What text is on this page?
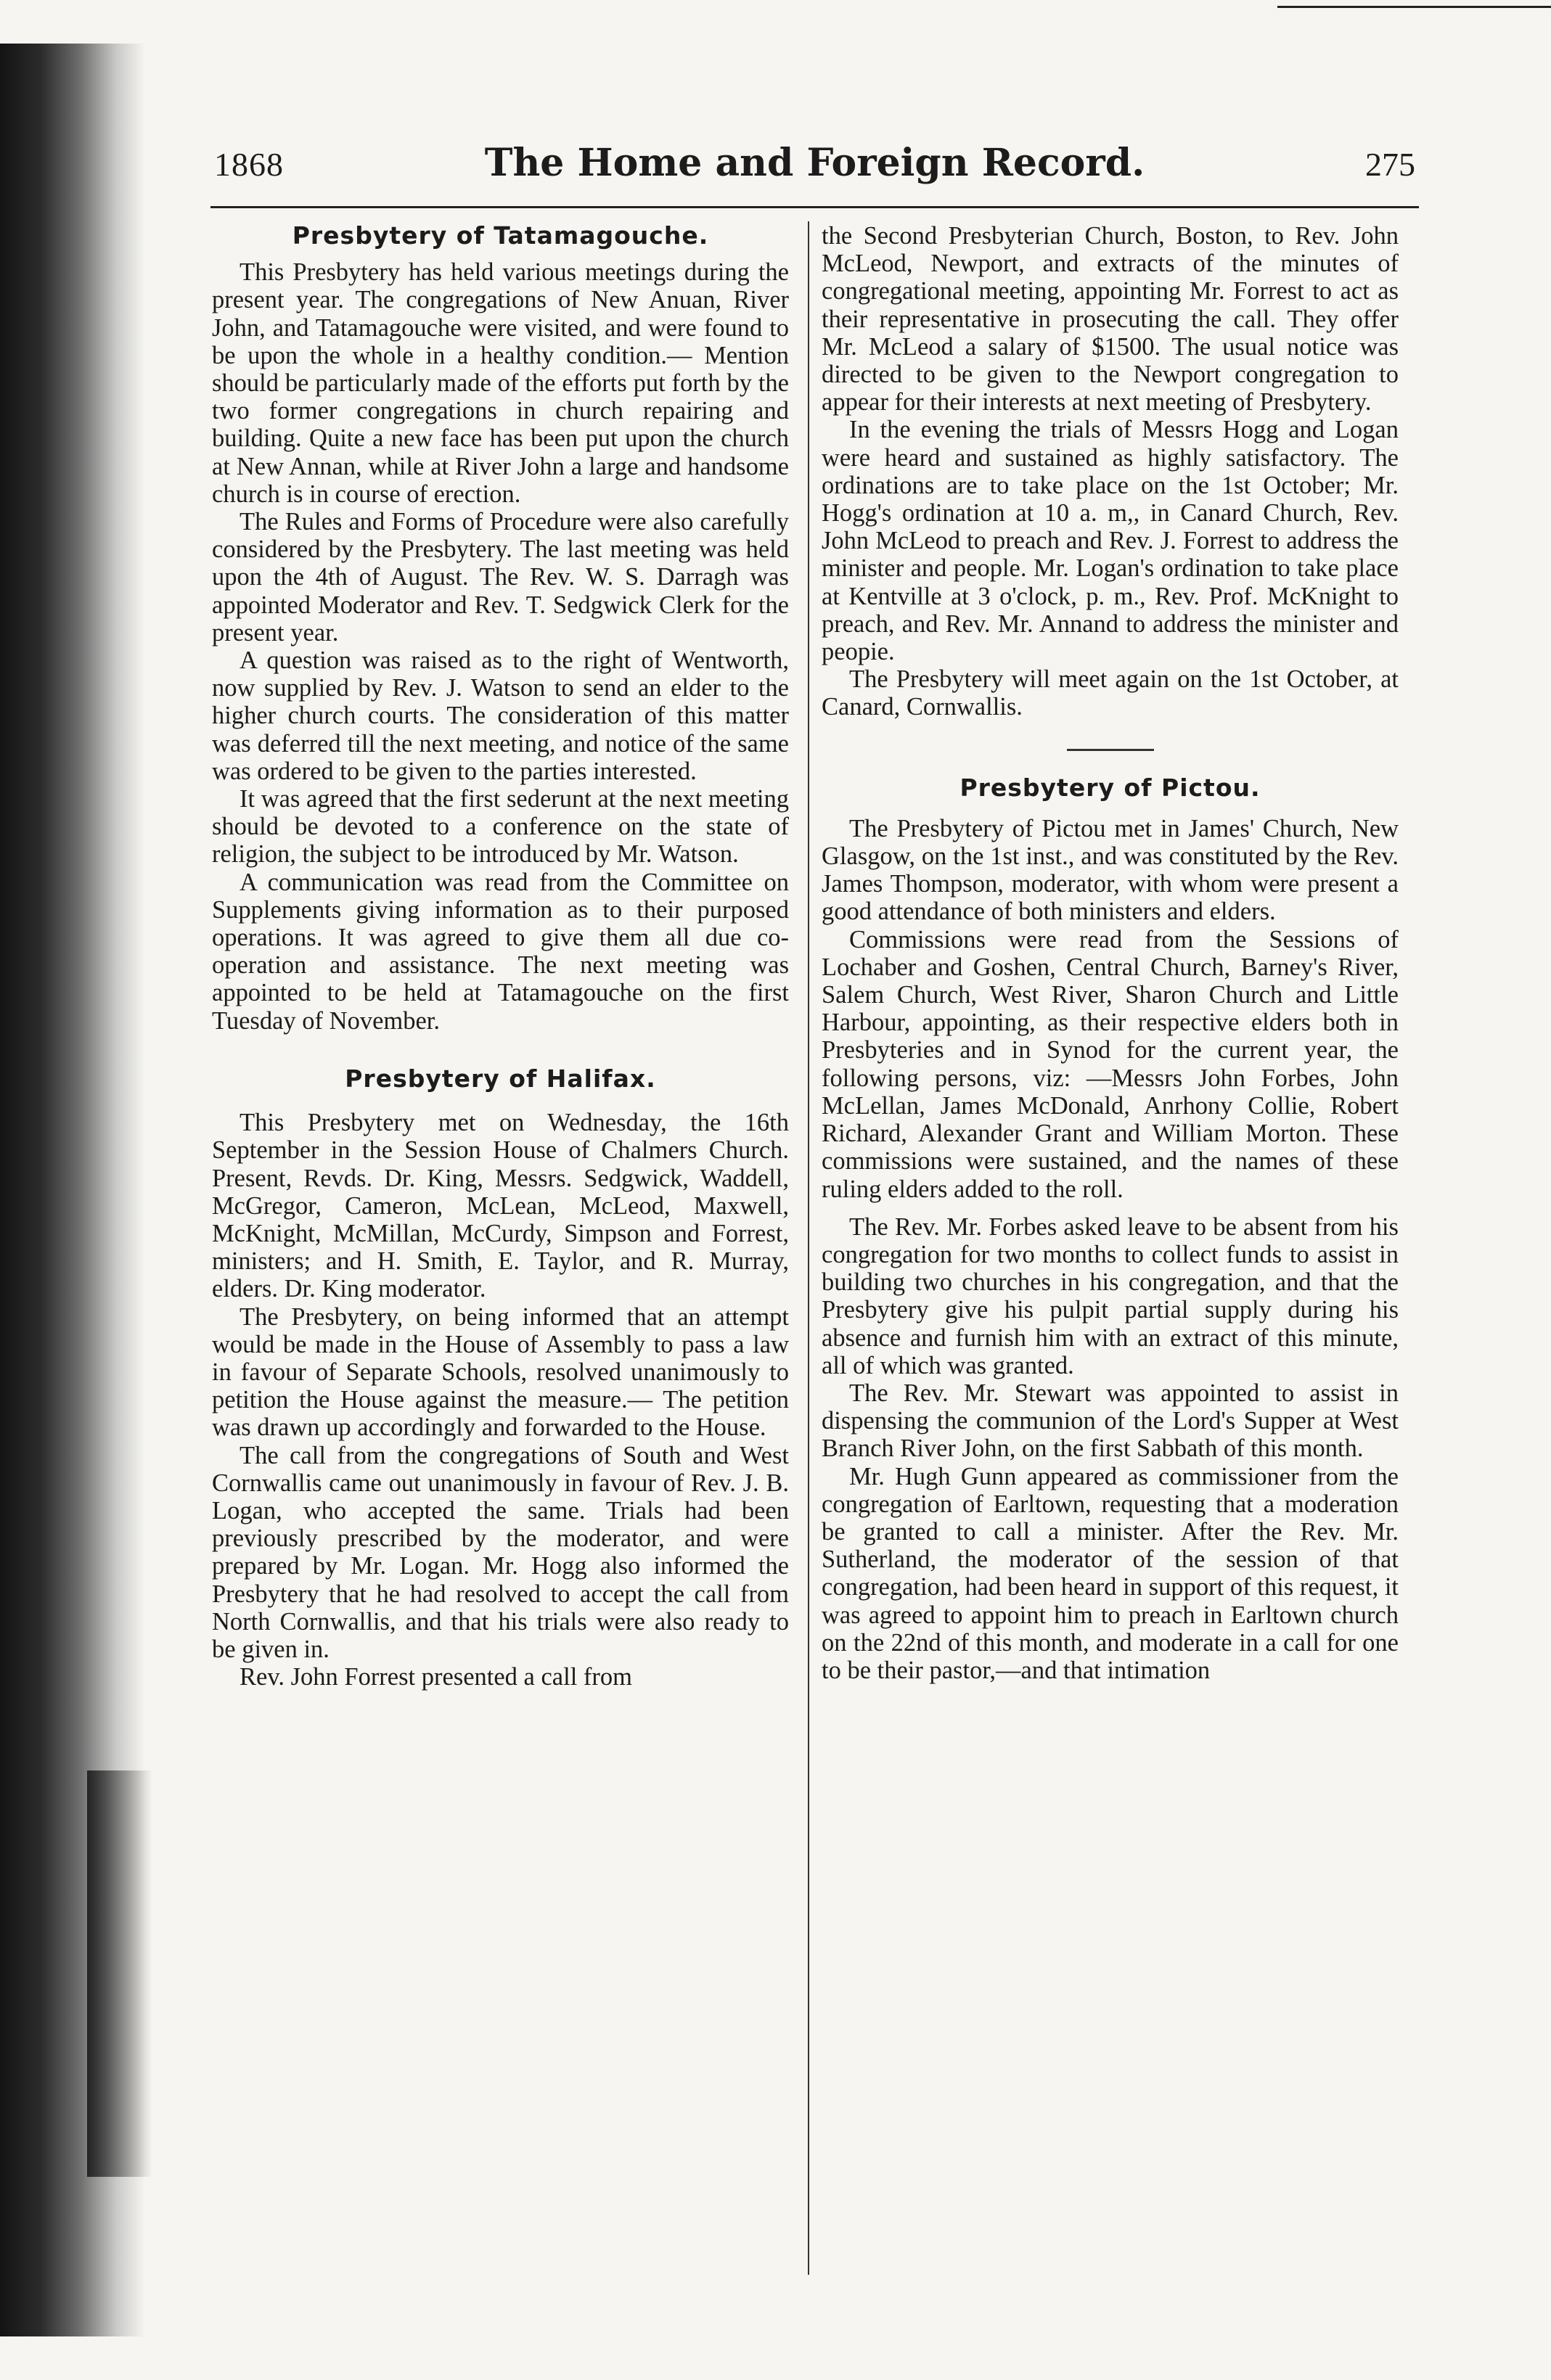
1868	The Home and Foreign Record.	275
Presbytery of Tatamagouche.

This Presbytery has held various meetings during the present year. The congregations of New Anuan, River John, and Tatamagouche were visited, and were found to be upon the whole in a healthy condition.— Mention should be particularly made of the efforts put forth by the two former congregations in church repairing and building. Quite a new face has been put upon the church at New Annan, while at River John a large and handsome church is in course of erection.

The Rules and Forms of Procedure were also carefully considered by the Presbytery. The last meeting was held upon the 4th of August. The Rev. W. S. Darragh was appointed Moderator and Rev. T. Sedgwick Clerk for the present year.

A question was raised as to the right of Wentworth, now supplied by Rev. J. Watson to send an elder to the higher church courts. The consideration of this matter was deferred till the next meeting, and notice of the same was ordered to be given to the parties interested.

It was agreed that the first sederunt at the next meeting should be devoted to a conference on the state of religion, the subject to be introduced by Mr. Watson.

A communication was read from the Committee on Supplements giving information as to their purposed operations. It was agreed to give them all due co-operation and assistance. The next meeting was appointed to be held at Tatamagouche on the first Tuesday of November.

Presbytery of Halifax.

This Presbytery met on Wednesday, the 16th September in the Session House of Chalmers Church. Present, Revds. Dr. King, Messrs. Sedgwick, Waddell, McGregor, Cameron, McLean, McLeod, Maxwell, McKnight, McMillan, McCurdy, Simpson and Forrest, ministers; and H. Smith, E. Taylor, and R. Murray, elders. Dr. King moderator.

The Presbytery, on being informed that an attempt would be made in the House of Assembly to pass a law in favour of Separate Schools, resolved unanimously to petition the House against the measure.— The petition was drawn up accordingly and forwarded to the House.

The call from the congregations of South and West Cornwallis came out unanimously in favour of Rev. J. B. Logan, who accepted the same. Trials had been previously prescribed by the moderator, and were prepared by Mr. Logan. Mr. Hogg also informed the Presbytery that he had resolved to accept the call from North Cornwallis, and that his trials were also ready to be given in.

Rev. John Forrest presented a call from

the Second Presbyterian Church, Boston, to Rev. John McLeod, Newport, and extracts of the minutes of congregational meeting, appointing Mr. Forrest to act as their representative in prosecuting the call. They offer Mr. McLeod a salary of $1500. The usual notice was directed to be given to the Newport congregation to appear for their interests at next meeting of Presbytery.

In the evening the trials of Messrs Hogg and Logan were heard and sustained as highly satisfactory. The ordinations are to take place on the 1st October; Mr. Hogg's ordination at 10 a. m,, in Canard Church, Rev. John McLeod to preach and Rev. J. Forrest to address the minister and people. Mr. Logan's ordination to take place at Kentville at 3 o'clock, p. m., Rev. Prof. McKnight to preach, and Rev. Mr. Annand to address the minister and peopie.

The Presbytery will meet again on the 1st October, at Canard, Cornwallis.

Presbytery of Pictou.

The Presbytery of Pictou met in James' Church, New Glasgow, on the 1st inst., and was constituted by the Rev. James Thompson, moderator, with whom were present a good attendance of both ministers and elders.

Commissions were read from the Sessions of Lochaber and Goshen, Central Church, Barney's River, Salem Church, West River, Sharon Church and Little Harbour, appointing, as their respective elders both in Presbyteries and in Synod for the current year, the following persons, viz: —Messrs John Forbes, John McLellan, James McDonald, Anrhony Collie, Robert Richard, Alexander Grant and William Morton. These commissions were sustained, and the names of these ruling elders added to the roll.

The Rev. Mr. Forbes asked leave to be absent from his congregation for two months to collect funds to assist in building two churches in his congregation, and that the Presbytery give his pulpit partial supply during his absence and furnish him with an extract of this minute, all of which was granted.

The Rev. Mr. Stewart was appointed to assist in dispensing the communion of the Lord's Supper at West Branch River John, on the first Sabbath of this month.

Mr. Hugh Gunn appeared as commissioner from the congregation of Earltown, requesting that a moderation be granted to call a minister. After the Rev. Mr. Sutherland, the moderator of the session of that congregation, had been heard in support of this request, it was agreed to appoint him to preach in Earltown church on the 22nd of this month, and moderate in a call for one to be their pastor,—and that intimation
